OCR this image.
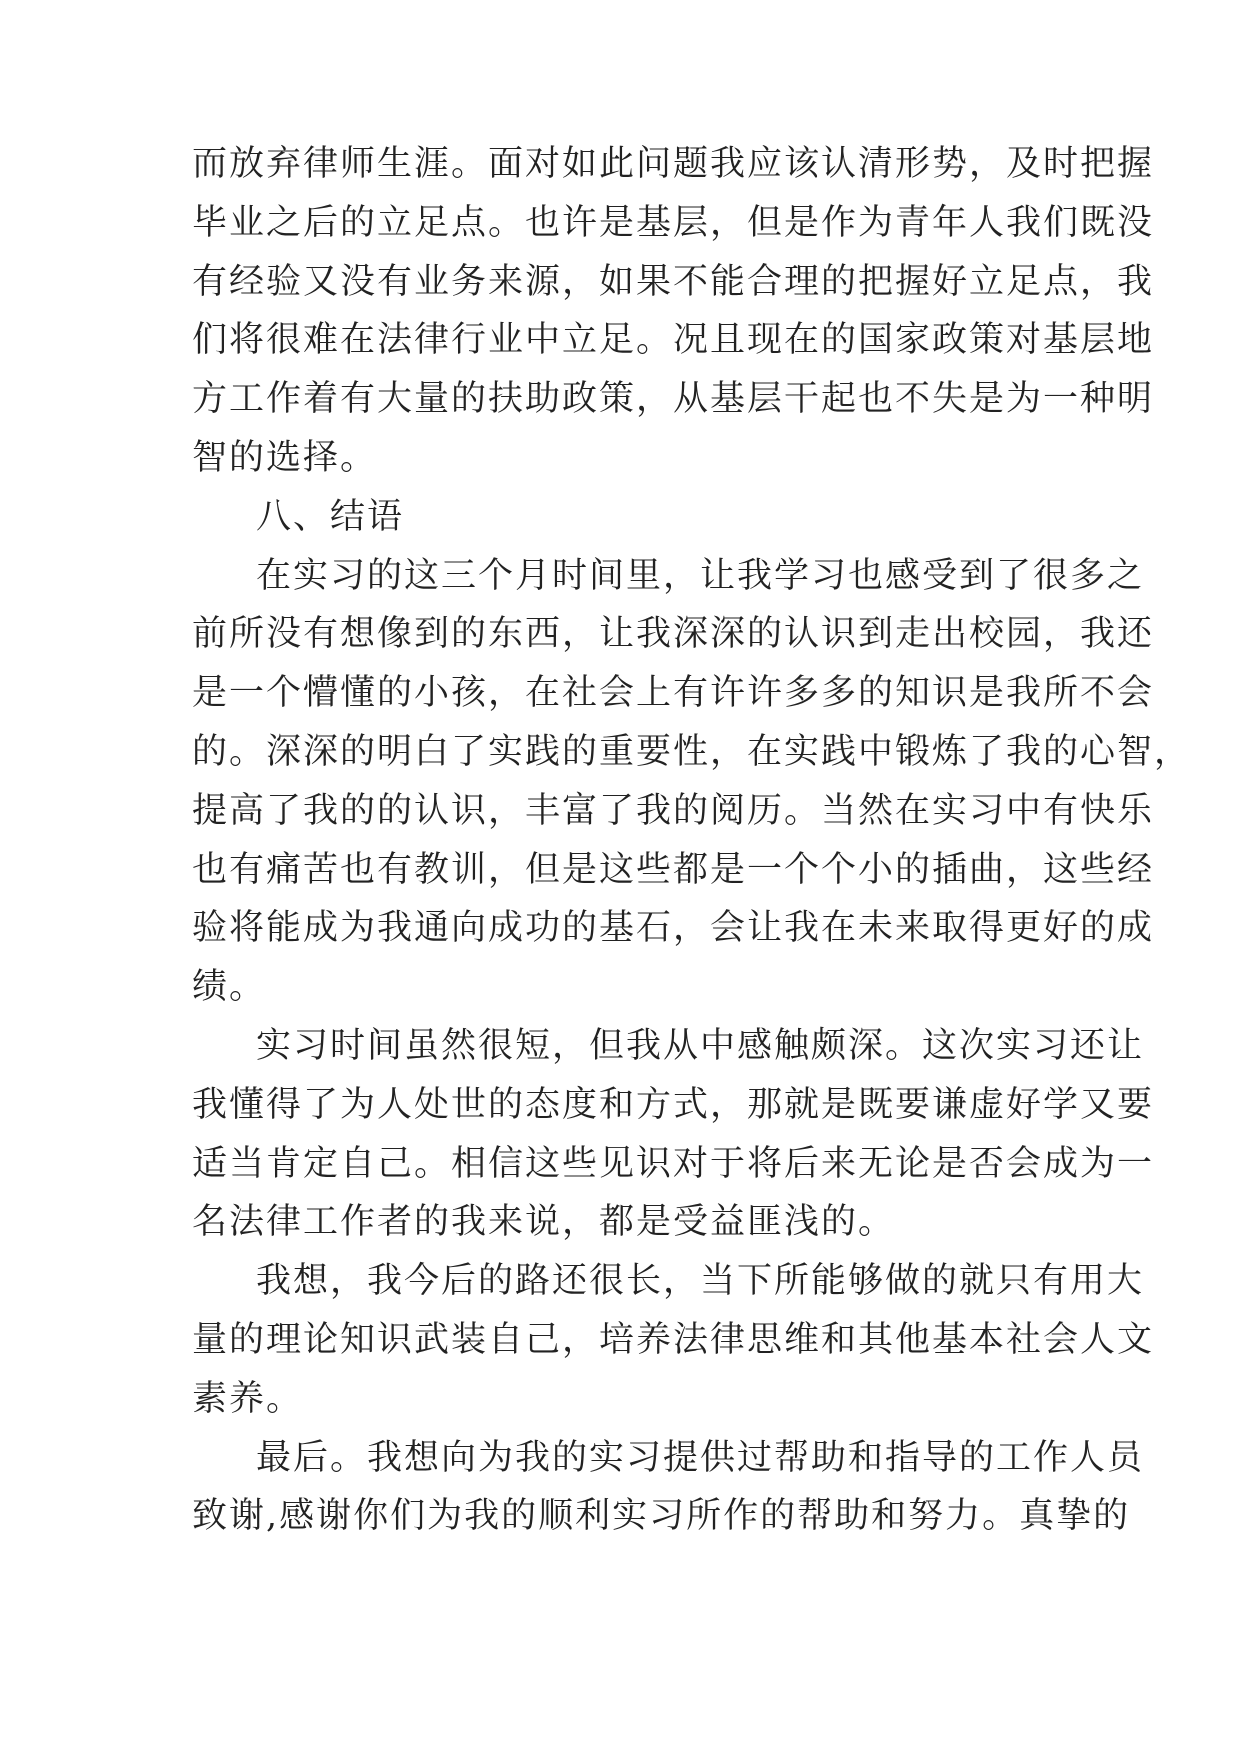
而放弃律师生涯。面对如此问题我应该认清形势，及时把握
毕业之后的立足点。也许是基层，但是作为青年人我们既没
有经验又没有业务来源，如果不能合理的把握好立足点，我
们将很难在法律行业中立足。况且现在的国家政策对基层地
方工作着有大量的扶助政策，从基层干起也不失是为一种明
智的选择。
八、结语
在实习的这三个月时间里，让我学习也感受到了很多之
前所没有想像到的东西，让我深深的认识到走出校园，我还
是一个懵懂的小孩，在社会上有许许多多的知识是我所不会
的。深深的明白了实践的重要性，在实践中锻炼了我的心智，
提高了我的的认识，丰富了我的阅历。当然在实习中有快乐
也有痛苦也有教训，但是这些都是一个个小的插曲，这些经
验将能成为我通向成功的基石，会让我在未来取得更好的成
绩。
实习时间虽然很短，但我从中感触颇深。这次实习还让
我懂得了为人处世的态度和方式，那就是既要谦虚好学又要
适当肯定自己。相信这些见识对于将后来无论是否会成为一
名法律工作者的我来说，都是受益匪浅的。
我想，我今后的路还很长，当下所能够做的就只有用大
量的理论知识武装自己，培养法律思维和其他基本社会人文
素养。
最后。我想向为我的实习提供过帮助和指导的工作人员
致谢,感谢你们为我的顺利实习所作的帮助和努力。真挚的
